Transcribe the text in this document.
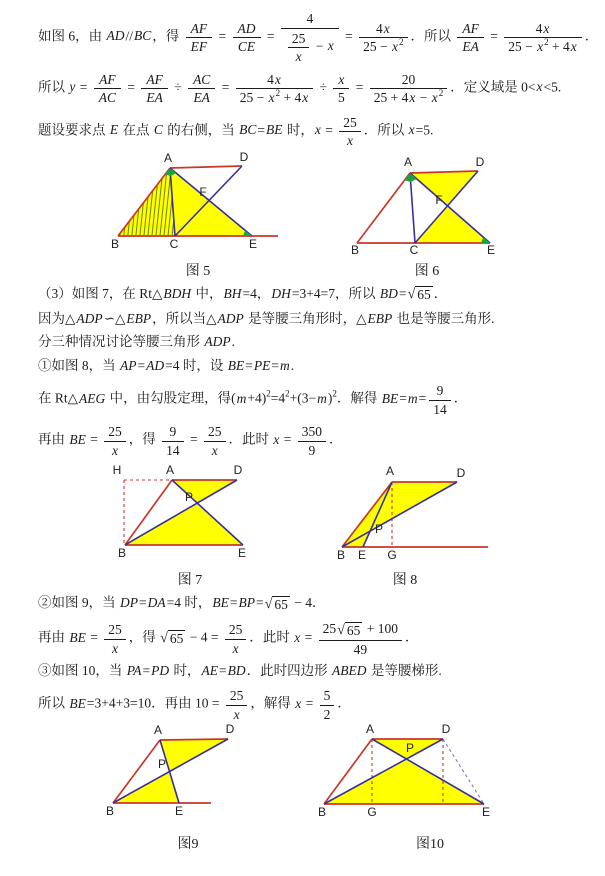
如图 6，由 AD//BC，得 $\frac{AF}{EF} = \frac{AD}{CE} = \frac{4}{\frac{25}{x} - x} = \frac{4x}{25 - x^2}$ ．所以 $\frac{AF}{EA} = \frac{4x}{25 - x^2 + 4x}$ ．

所以 $y = \frac{AF}{AC} = \frac{AF}{EA} \div \frac{AC}{EA} = \frac{4x}{25 - x^2 + 4x} \div \frac{x}{5} = \frac{20}{25 + 4x - x^2}$ ．定义域是 0<x<5.

题设要求点 E 在点 C 的右侧，当 BC=BE 时，$x = \frac{25}{x}$ ．所以 x=5.

A	D
B	C	E
F
图 5
A	D
B	C	E
F
图 6

（3）如图 7，在 Rt△BDH 中，BH=4，DH=3+4=7，所以 BD= √ 65 ．

因为△ADP∽△EBP，所以当△ADP 是等腰三角形时，△EBP 也是等腰三角形.

分三种情况讨论等腰三角形 ADP.

①如图 8，当 AP=AD=4 时，设 BE=PE=m.

在 Rt△AEG 中，由勾股定理，得$(m+4)^2=4^2+(3-m)^2$．解得 $BE=m= \frac{9}{14}$ ．

再由 BE = $\frac{25}{x}$ ，得 $\frac{9}{14} = \frac{25}{x}$ ．此时 $x = \frac{350}{9}$ ．

H	A	D
B	E
P
图 7
A	D
B E G
P
图 8

②如图 9，当 DP=DA=4 时，BE=BP= √ 65 − 4．

再由 BE = $\frac{25}{x}$ ，得 √ $65 - 4 = \frac{25}{x}$ ．此时 $x = \frac{25 √ 65 + 100}{49}$ ．

③如图 10，当 PA=PD 时，AE=BD．此时四边形 ABED 是等腰梯形.

所以 BE=3+4+3=10．再由 $10 = \frac{25}{x}$ ，解得 $x = \frac{5}{2}$ ．

A	D
B	E
P
图9
A	D
B	G	E
P
图10
